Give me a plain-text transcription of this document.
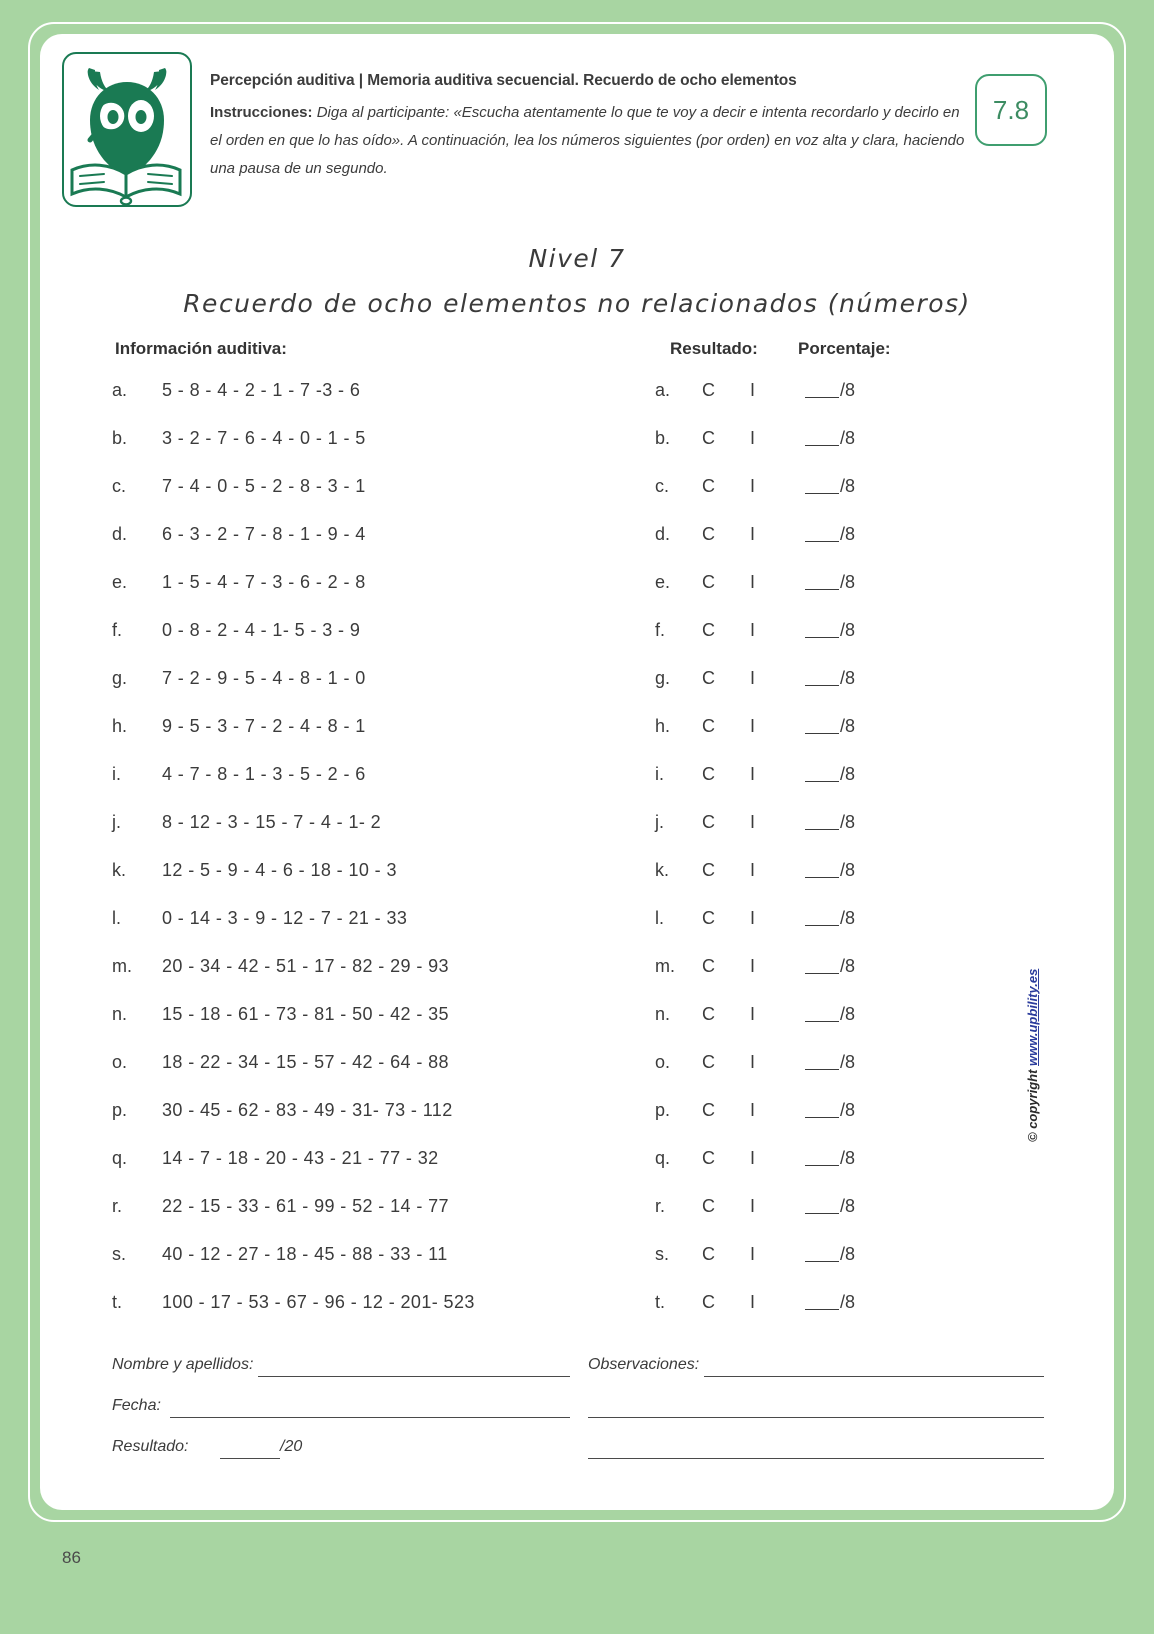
Percepción auditiva | Memoria auditiva secuencial. Recuerdo de ocho elementos
Instrucciones: Diga al participante: «Escucha atentamente lo que te voy a decir e intenta recordarlo y decirlo en el orden en que lo has oído». A continuación, lea los números siguientes (por orden) en voz alta y clara, haciendo una pausa de un segundo.
7.8
Nivel 7
Recuerdo de ocho elementos no relacionados (números)
Información auditiva:	Resultado: Porcentaje:
a.	5 - 8 - 4 - 2 - 1 - 7 -3 - 6	a.	C I	/8
b.	3 - 2 - 7 - 6 - 4 - 0 - 1 - 5	b.	C I	/8
c.	7 - 4 - 0 - 5 - 2 - 8 - 3 - 1	c.	C I	/8
d.	6 - 3 - 2 - 7 - 8 - 1 - 9 - 4	d.	C I	/8
e.	1 - 5 - 4 - 7 - 3 - 6 - 2 - 8	e.	C I	/8
f.	0 - 8 - 2 - 4 - 1- 5 - 3 - 9	f.	C I	/8
g.	7 - 2 - 9 - 5 - 4 - 8 - 1 - 0	g.	C I	/8
h.	9 - 5 - 3 - 7 - 2 - 4 - 8 - 1	h.	C I	/8
i.	4 - 7 - 8 - 1 - 3 - 5 - 2 - 6	i.	C I	/8
j.	8 - 12 - 3 - 15 - 7 - 4 - 1- 2	j.	C I	/8
k.	12 - 5 - 9 - 4 - 6 - 18 - 10 - 3	k.	C I	/8
l.	0 - 14 - 3 - 9 - 12 - 7 - 21 - 33	l.	C I	/8
m.	20 - 34 - 42 - 51 - 17 - 82 - 29 - 93	m.	C I	/8
n.	15 - 18 - 61 - 73 - 81 - 50 - 42 - 35	n.	C I	/8
o.	18 - 22 - 34 - 15 - 57 - 42 - 64 - 88	o.	C I	/8
p.	30 - 45 - 62 - 83 - 49 - 31- 73 - 112	p.	C I	/8
q.	14 - 7 - 18 - 20 - 43 - 21 - 77 - 32	q.	C I	/8
r.	22 - 15 - 33 - 61 - 99 - 52 - 14 - 77	r.	C I	/8
s.	40 - 12 - 27 - 18 - 45 - 88 - 33 - 11	s.	C I	/8
t.	100 - 17 - 53 - 67 - 96 - 12 - 201- 523	t.	C I	/8
© copyright www.upbility.es
Nombre y apellidos:	Observaciones:
Fecha:
Resultado:	/20
86
